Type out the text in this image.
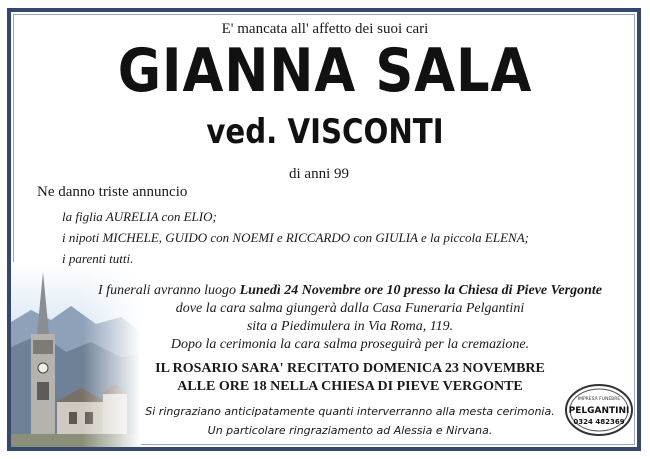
E' mancata all' affetto dei suoi cari
GIANNA SALA
ved. VISCONTI
di anni 99
Ne danno triste annuncio
la figlia AURELIA con ELIO;
i nipoti MICHELE, GUIDO con NOEMI e RICCARDO con GIULIA e la piccola ELENA;
i parenti tutti.
I funerali avranno luogo Lunedì 24 Novembre ore 10 presso la Chiesa di Pieve Vergonte
dove la cara salma giungerà dalla Casa Funeraria Pelgantini
sita a Piedimulera in Via Roma, 119.
Dopo la cerimonia la cara salma proseguirà per la cremazione.
IL ROSARIO SARA' RECITATO DOMENICA 23 NOVEMBRE
ALLE ORE 18 NELLA CHIESA DI PIEVE VERGONTE
Si ringraziano anticipatamente quanti interverranno alla mesta cerimonia.
Un particolare ringraziamento ad Alessia e Nirvana.
IMPRESA FUNEBRE
PELGANTINI
0324 482369
